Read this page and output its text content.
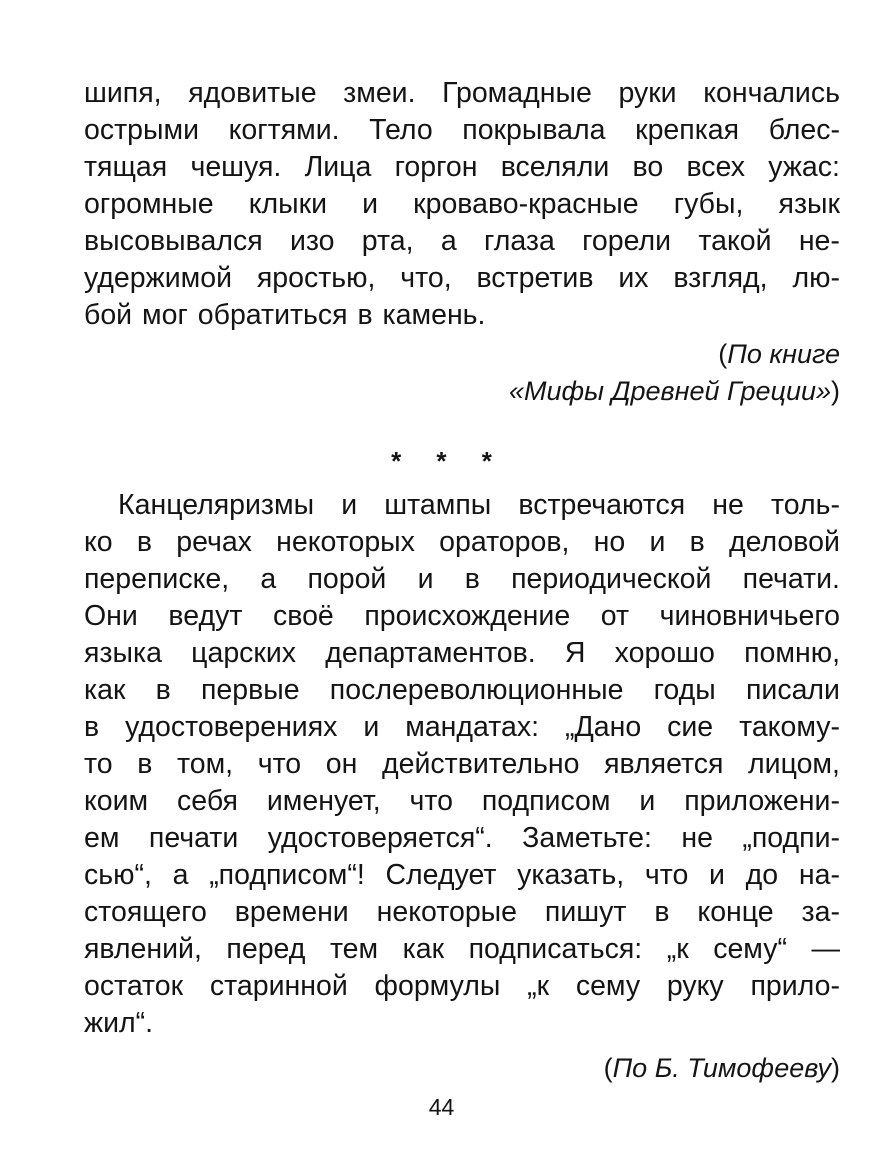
шипя, ядовитые змеи. Громадные руки кончались
острыми когтями. Тело покрывала крепкая блес-
тящая чешуя. Лица горгон вселяли во всех ужас:
огромные клыки и кроваво-красные губы, язык
высовывался изо рта, а глаза горели такой не-
удержимой яростью, что, встретив их взгляд, лю-
бой мог обратиться в камень.
(По книге
«Мифы Древней Греции»)
* * *
Канцеляризмы и штампы встречаются не толь-
ко в речах некоторых ораторов, но и в деловой
переписке, а порой и в периодической печати.
Они ведут своё происхождение от чиновничьего
языка царских департаментов. Я хорошо помню,
как в первые послереволюционные годы писали
в удостоверениях и мандатах: „Дано сие такому-
то в том, что он действительно является лицом,
коим себя именует, что подписом и приложени-
ем печати удостоверяется“. Заметьте: не „подпи-
сью“, а „подписом“! Следует указать, что и до на-
стоящего времени некоторые пишут в конце за-
явлений, перед тем как подписаться: „к сему“ —
остаток старинной формулы „к сему руку прило-
жил“.
(По Б. Тимофееву)
44
